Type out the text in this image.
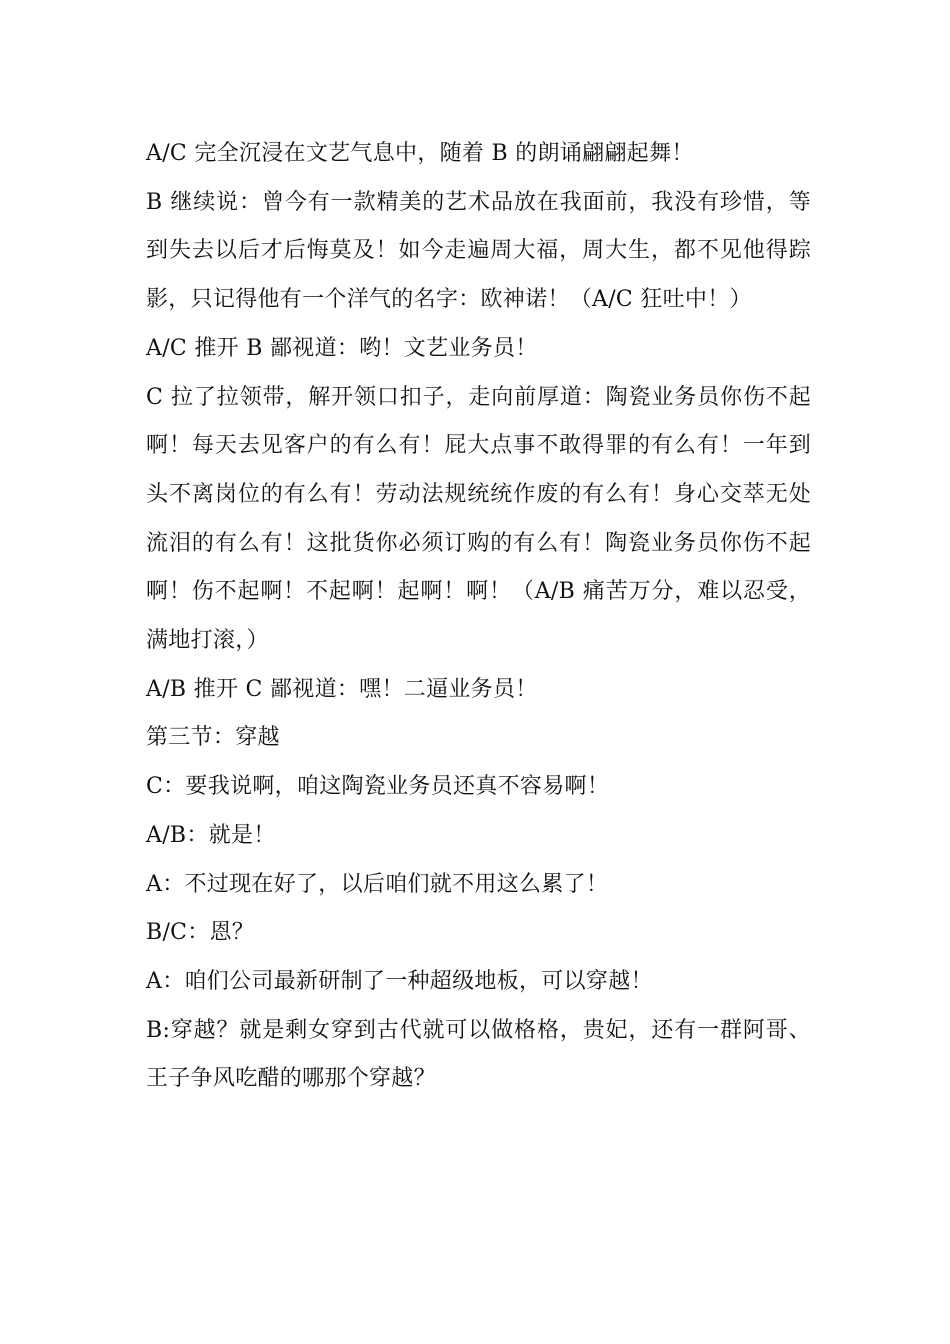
A/C 完全沉浸在文艺气息中，随着 B 的朗诵翩翩起舞！

B 继续说：曾今有一款精美的艺术品放在我面前，我没有珍惜，等到失去以后才后悔莫及！如今走遍周大福，周大生，都不见他得踪影，只记得他有一个洋气的名字：欧神诺！（A/C 狂吐中！）

A/C 推开 B 鄙视道：哟！文艺业务员！

C 拉了拉领带，解开领口扣子，走向前厚道：陶瓷业务员你伤不起啊！每天去见客户的有么有！屁大点事不敢得罪的有么有！一年到头不离岗位的有么有！劳动法规统统作废的有么有！身心交萃无处流泪的有么有！这批货你必须订购的有么有！陶瓷业务员你伤不起啊！伤不起啊！不起啊！起啊！啊！（A/B 痛苦万分，难以忍受，满地打滚，）

A/B 推开 C 鄙视道：嘿！二逼业务员！

第三节：穿越

C：要我说啊，咱这陶瓷业务员还真不容易啊！

A/B：就是！

A：不过现在好了，以后咱们就不用这么累了！

B/C：恩？

A：咱们公司最新研制了一种超级地板，可以穿越！

B:穿越？就是剩女穿到古代就可以做格格，贵妃，还有一群阿哥、王子争风吃醋的哪那个穿越？
